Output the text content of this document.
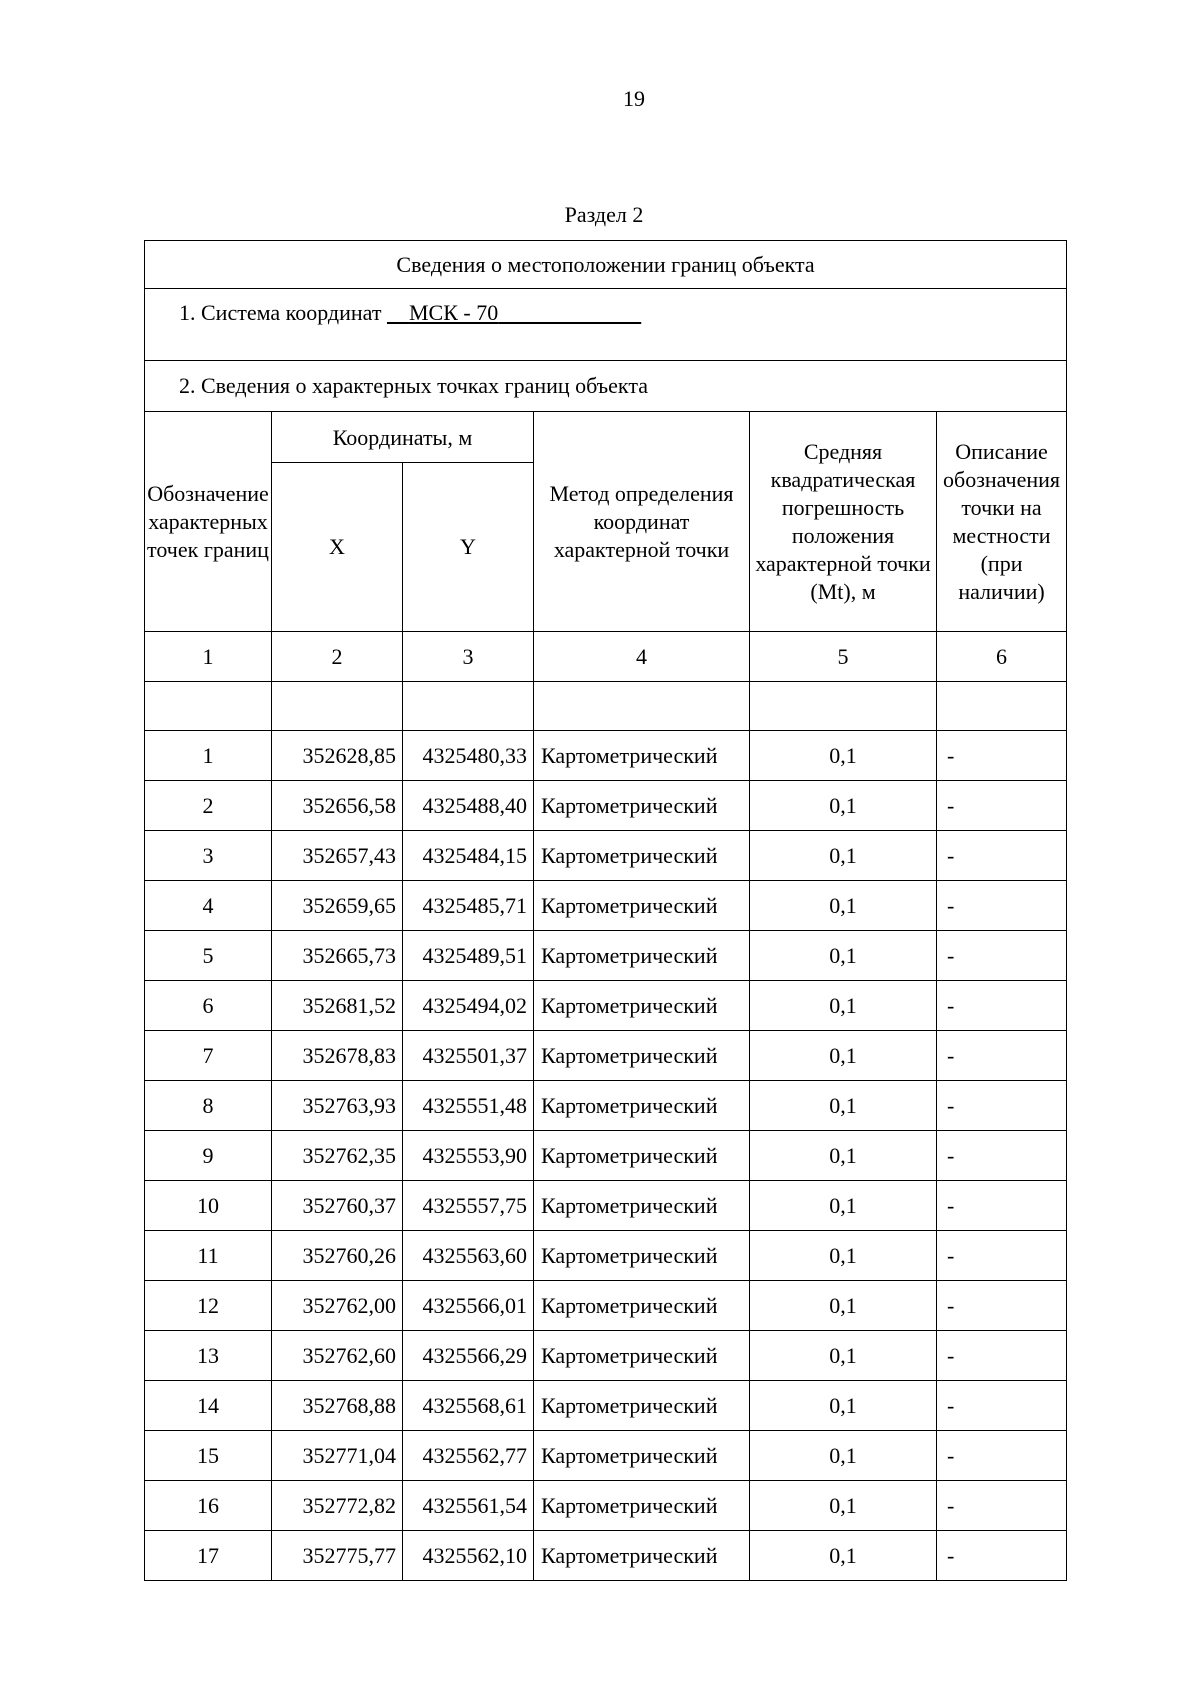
19
Раздел 2
Сведения о местоположении границ объекта					
1. Система координат МСК - 70					
2. Сведения о характерных точках границ объекта					
Обозначение характерных точек границ	Координаты, м		Метод определения координат характерной точки	Средняя квадратическая погрешность положения характерной точки (Mt), м	Описание обозначения точки на местности (при наличии)
	X	Y			
1	2	3	4	5	6

1	352628,85	4325480,33	Картометрический	0,1	-
2	352656,58	4325488,40	Картометрический	0,1	-
3	352657,43	4325484,15	Картометрический	0,1	-
4	352659,65	4325485,71	Картометрический	0,1	-
5	352665,73	4325489,51	Картометрический	0,1	-
6	352681,52	4325494,02	Картометрический	0,1	-
7	352678,83	4325501,37	Картометрический	0,1	-
8	352763,93	4325551,48	Картометрический	0,1	-
9	352762,35	4325553,90	Картометрический	0,1	-
10	352760,37	4325557,75	Картометрический	0,1	-
11	352760,26	4325563,60	Картометрический	0,1	-
12	352762,00	4325566,01	Картометрический	0,1	-
13	352762,60	4325566,29	Картометрический	0,1	-
14	352768,88	4325568,61	Картометрический	0,1	-
15	352771,04	4325562,77	Картометрический	0,1	-
16	352772,82	4325561,54	Картометрический	0,1	-
17	352775,77	4325562,10	Картометрический	0,1	-
